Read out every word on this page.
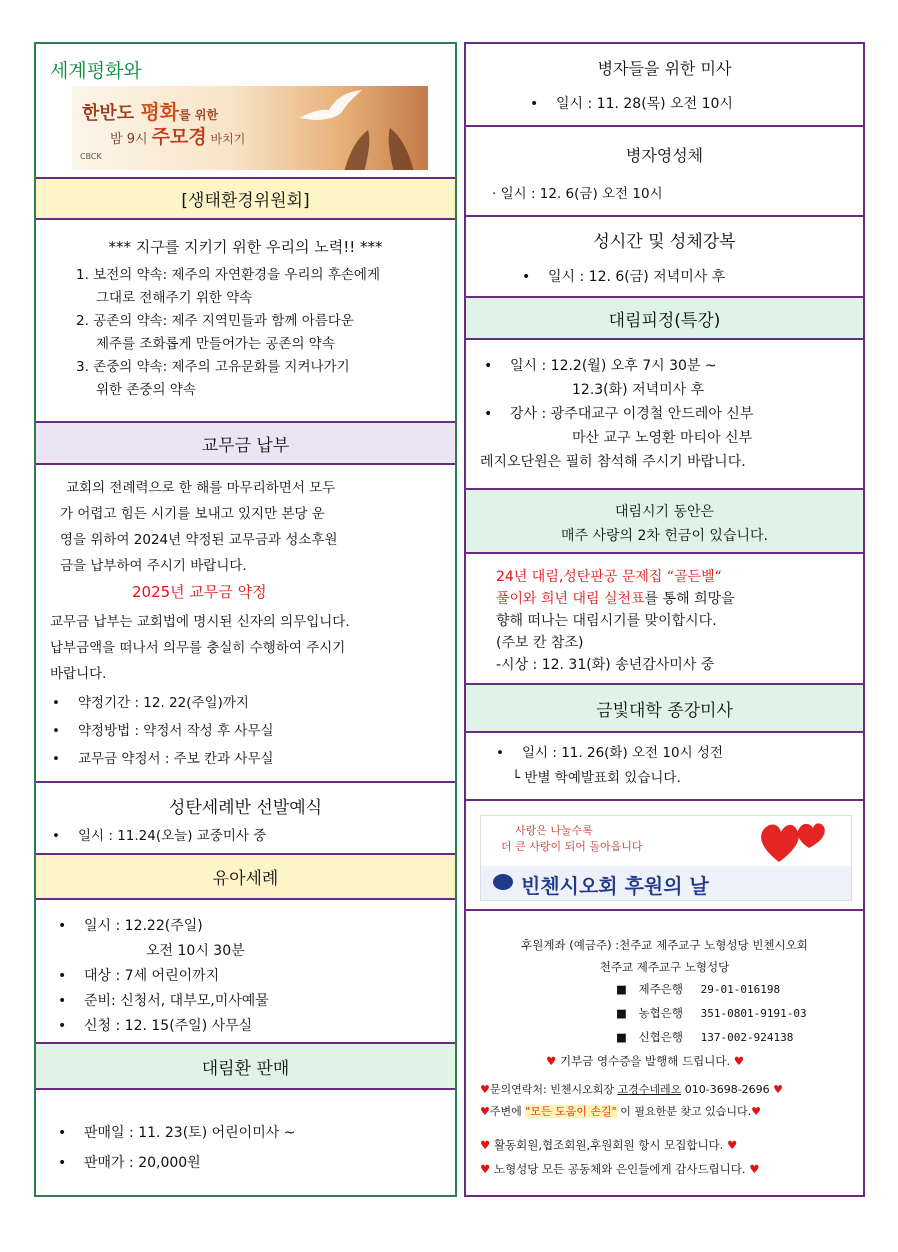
세계평화와
한반도 평화를 위한
밤 9시 주모경 바치기
CBCK
[생태환경위원회]
*** 지구를 지키기 위한 우리의 노력!! ***
1. 보전의 약속: 제주의 자연환경을 우리의 후손에게
그대로 전해주기 위한 약속
2. 공존의 약속: 제주 지역민들과 함께 아름다운
제주를 조화롭게 만들어가는 공존의 약속
3. 존중의 약속: 제주의 고유문화를 지켜나가기
위한 존중의 약속
교무금 납부
교회의 전례력으로 한 해를 마무리하면서 모두
가 어렵고 힘든 시기를 보내고 있지만 본당 운
영을 위하여 2024년 약정된 교무금과 성소후원
금을 납부하여 주시기 바랍니다.
2025년 교무금 약정
교무금 납부는 교회법에 명시된 신자의 의무입니다.
납부금액을 떠나서 의무를 충실히 수행하여 주시기
바랍니다.
• 약정기간 : 12. 22(주일)까지
• 약정방법 : 약정서 작성 후 사무실
• 교무금 약정서 : 주보 칸과 사무실
성탄세례반 선발예식
• 일시 : 11.24(오늘) 교중미사 중
유아세례
• 일시 : 12.22(주일)
오전 10시 30분
• 대상 : 7세 어린이까지
• 준비: 신청서, 대부모,미사예물
• 신청 : 12. 15(주일) 사무실
대림환 판매
• 판매일 : 11. 23(토) 어린이미사 ~
• 판매가 : 20,000원
병자들을 위한 미사
• 일시 : 11. 28(목) 오전 10시
병자영성체
· 일시 : 12. 6(금) 오전 10시
성시간 및 성체강복
• 일시 : 12. 6(금) 저녁미사 후
대림피정(특강)
• 일시 : 12.2(월) 오후 7시 30분 ~
12.3(화) 저녁미사 후
• 강사 : 광주대교구 이경철 안드레아 신부
마산 교구 노영환 마티아 신부
레지오단원은 필히 참석해 주시기 바랍니다.
대림시기 동안은
매주 사랑의 2차 헌금이 있습니다.
24년 대림,성탄판공 문제집 “골든벨“
풀이와 희년 대림 실천표를 통해 희망을
향해 떠나는 대림시기를 맞이합시다.
(주보 칸 참조)
-시상 : 12. 31(화) 송년감사미사 중
금빛대학 종강미사
• 일시 : 11. 26(화) 오전 10시 성전
└ 반별 학예발표회 있습니다.
사랑은 나눌수록
더 큰 사랑이 되어 돌아옵니다
빈첸시오회 후원의 날
후원계좌 (예금주) :천주교 제주교구 노형성당 빈첸시오회
천주교 제주교구 노형성당
■ 제주은행 29-01-016198
■ 농협은행 351-0801-9191-03
■ 신협은행 137-002-924138
♥ 기부금 영수증을 발행해 드립니다. ♥
♥문의연락처: 빈첸시오회장 고경수네레오 010-3698-2696 ♥
♥주변에 "모든 도움이 손길" 이 필요한분 찾고 있습니다.♥
♥ 활동회원,협조회원,후원회원 항시 모집합니다. ♥
♥ 노형성당 모든 공동체와 은인들에게 감사드립니다. ♥
